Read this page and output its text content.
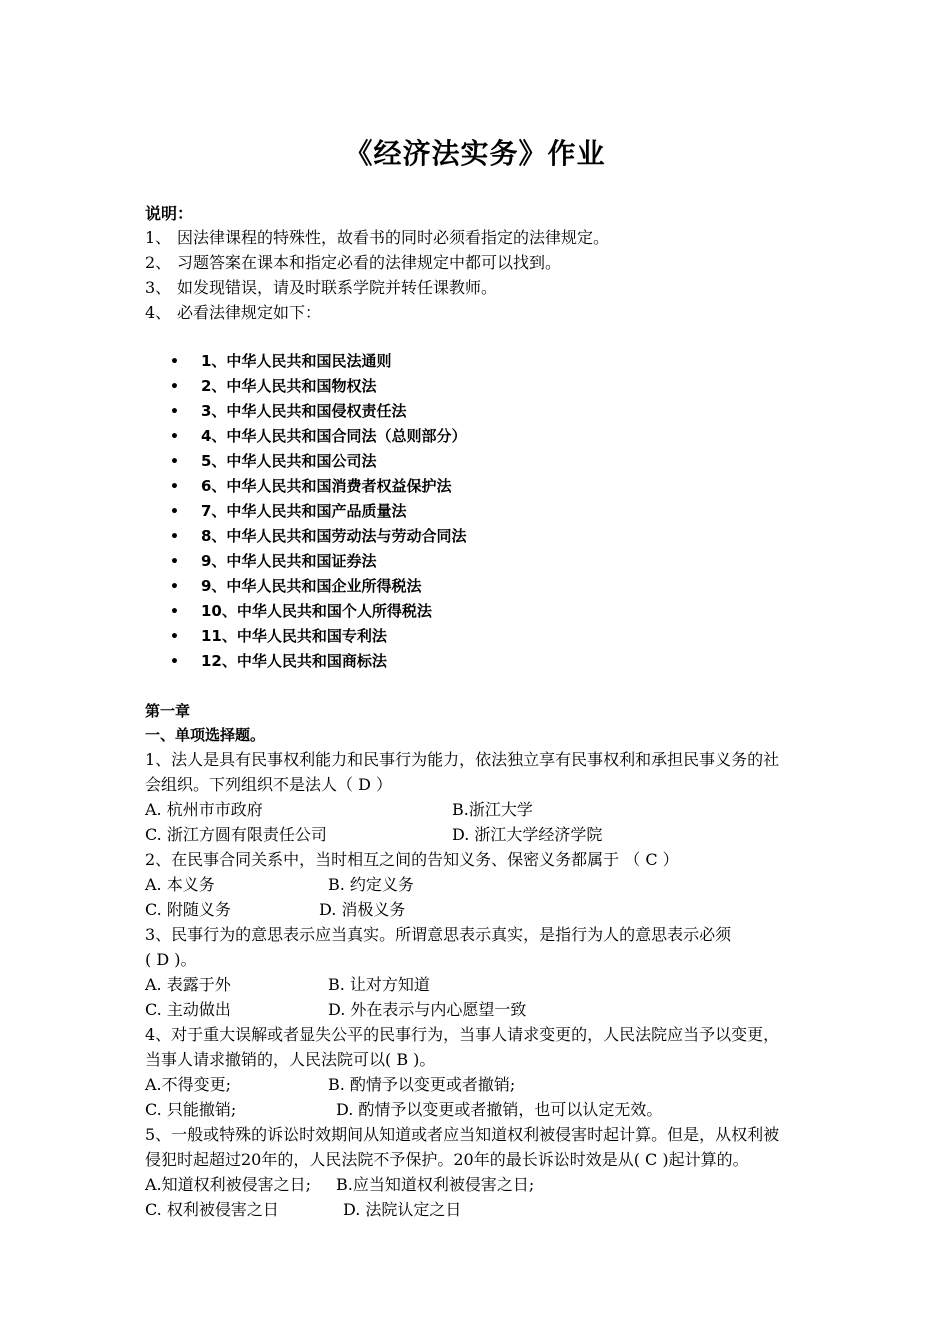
《经济法实务》作业
说明：
1、 因法律课程的特殊性，故看书的同时必须看指定的法律规定。
2、 习题答案在课本和指定必看的法律规定中都可以找到。
3、 如发现错误，请及时联系学院并转任课教师。
4、 必看法律规定如下：
• 1、中华人民共和国民法通则
• 2、中华人民共和国物权法
• 3、中华人民共和国侵权责任法
• 4、中华人民共和国合同法（总则部分）
• 5、中华人民共和国公司法
• 6、中华人民共和国消费者权益保护法
• 7、中华人民共和国产品质量法
• 8、中华人民共和国劳动法与劳动合同法
• 9、中华人民共和国证券法
• 9、中华人民共和国企业所得税法
• 10、中华人民共和国个人所得税法
• 11、中华人民共和国专利法
• 12、中华人民共和国商标法
第一章
一、单项选择题。
1、法人是具有民事权利能力和民事行为能力，依法独立享有民事权利和承担民事义务的社
会组织。下列组织不是法人（ D ）
A. 杭州市市政府	B.浙江大学
C. 浙江方圆有限责任公司	D. 浙江大学经济学院
2、在民事合同关系中，当时相互之间的告知义务、保密义务都属于 （ C ）
A. 本义务	B. 约定义务
C. 附随义务	D. 消极义务
3、民事行为的意思表示应当真实。所谓意思表示真实，是指行为人的意思表示必须
( D )。
A. 表露于外	B. 让对方知道
C. 主动做出	D. 外在表示与内心愿望一致
4、对于重大误解或者显失公平的民事行为，当事人请求变更的，人民法院应当予以变更，
当事人请求撤销的，人民法院可以( B )。
A.不得变更;	B. 酌情予以变更或者撤销;
C. 只能撤销;	D. 酌情予以变更或者撤销，也可以认定无效。
5、一般或特殊的诉讼时效期间从知道或者应当知道权利被侵害时起计算。但是，从权利被
侵犯时起超过20年的，人民法院不予保护。20年的最长诉讼时效是从( C )起计算的。
A.知道权利被侵害之日; B.应当知道权利被侵害之日;
C. 权利被侵害之日	D. 法院认定之日
